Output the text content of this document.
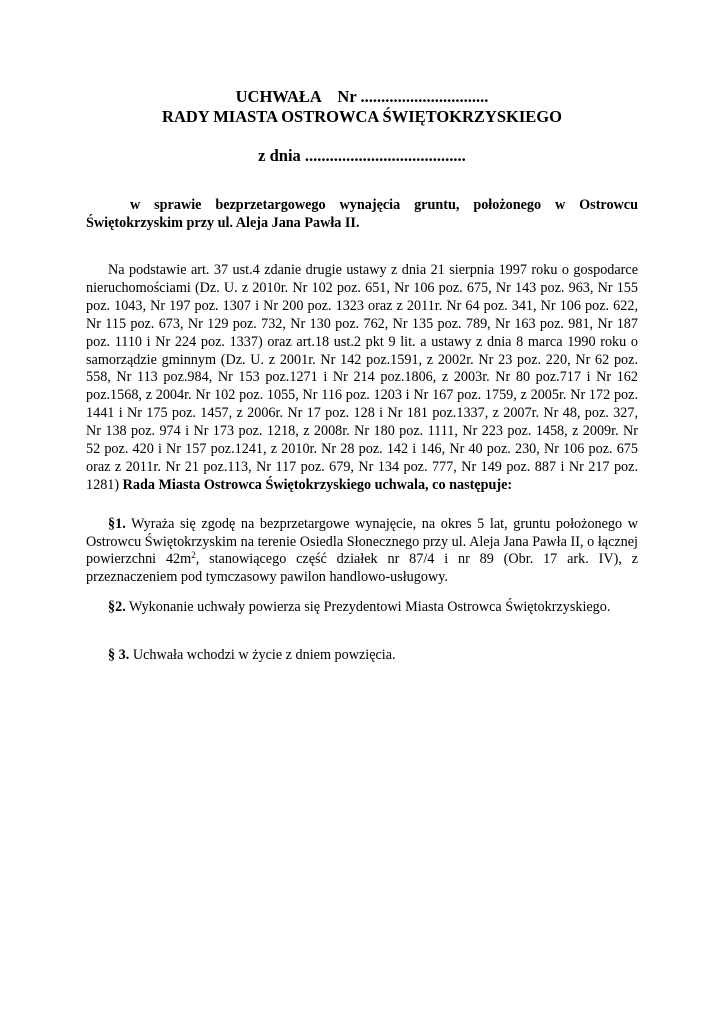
UCHWAŁA    Nr ...............................
RADY MIASTA OSTROWCA ŚWIĘTOKRZYSKIEGO
z dnia .......................................
w sprawie bezprzetargowego wynajęcia gruntu, położonego w Ostrowcu Świętokrzyskim przy ul. Aleja Jana Pawła II.
Na podstawie art. 37 ust.4 zdanie drugie ustawy z dnia 21 sierpnia 1997 roku o gospodarce nieruchomościami (Dz. U. z 2010r. Nr 102 poz. 651, Nr 106 poz. 675, Nr 143 poz. 963, Nr 155 poz. 1043, Nr 197 poz. 1307 i Nr 200 poz. 1323 oraz z 2011r. Nr 64 poz. 341, Nr 106 poz. 622, Nr 115 poz. 673, Nr 129 poz. 732, Nr 130 poz. 762, Nr 135 poz. 789, Nr 163 poz. 981, Nr 187 poz. 1110 i Nr 224 poz. 1337) oraz art.18 ust.2 pkt 9 lit. a ustawy z dnia 8 marca 1990 roku o samorządzie gminnym (Dz. U. z 2001r. Nr 142 poz.1591, z 2002r. Nr 23 poz. 220, Nr 62 poz. 558, Nr 113 poz.984, Nr 153 poz.1271 i Nr 214 poz.1806, z 2003r. Nr 80 poz.717 i Nr 162 poz.1568, z 2004r. Nr 102 poz. 1055, Nr 116 poz. 1203 i Nr 167 poz. 1759, z 2005r. Nr 172 poz. 1441 i Nr 175 poz. 1457, z 2006r. Nr 17 poz. 128 i Nr 181 poz.1337, z 2007r. Nr 48, poz. 327, Nr 138 poz. 974 i Nr 173 poz. 1218, z 2008r. Nr 180 poz. 1111, Nr 223 poz. 1458, z 2009r. Nr 52 poz. 420 i Nr 157 poz.1241, z 2010r. Nr 28 poz. 142 i 146, Nr 40 poz. 230, Nr 106 poz. 675 oraz z 2011r. Nr 21 poz.113, Nr 117 poz. 679, Nr 134 poz. 777, Nr 149 poz. 887 i Nr 217 poz. 1281) Rada Miasta Ostrowca Świętokrzyskiego uchwala, co następuje:
§1. Wyraża się zgodę na bezprzetargowe wynajęcie, na okres 5 lat, gruntu położonego w Ostrowcu Świętokrzyskim na terenie Osiedla Słonecznego przy ul. Aleja Jana Pawła II, o łącznej powierzchni $42m^2$, stanowiącego część działek nr 87/4 i nr 89 (Obr. 17 ark. IV), z przeznaczeniem pod tymczasowy pawilon handlowo-usługowy.
§2. Wykonanie uchwały powierza się Prezydentowi Miasta Ostrowca Świętokrzyskiego.
§ 3. Uchwała wchodzi w życie z dniem powzięcia.
